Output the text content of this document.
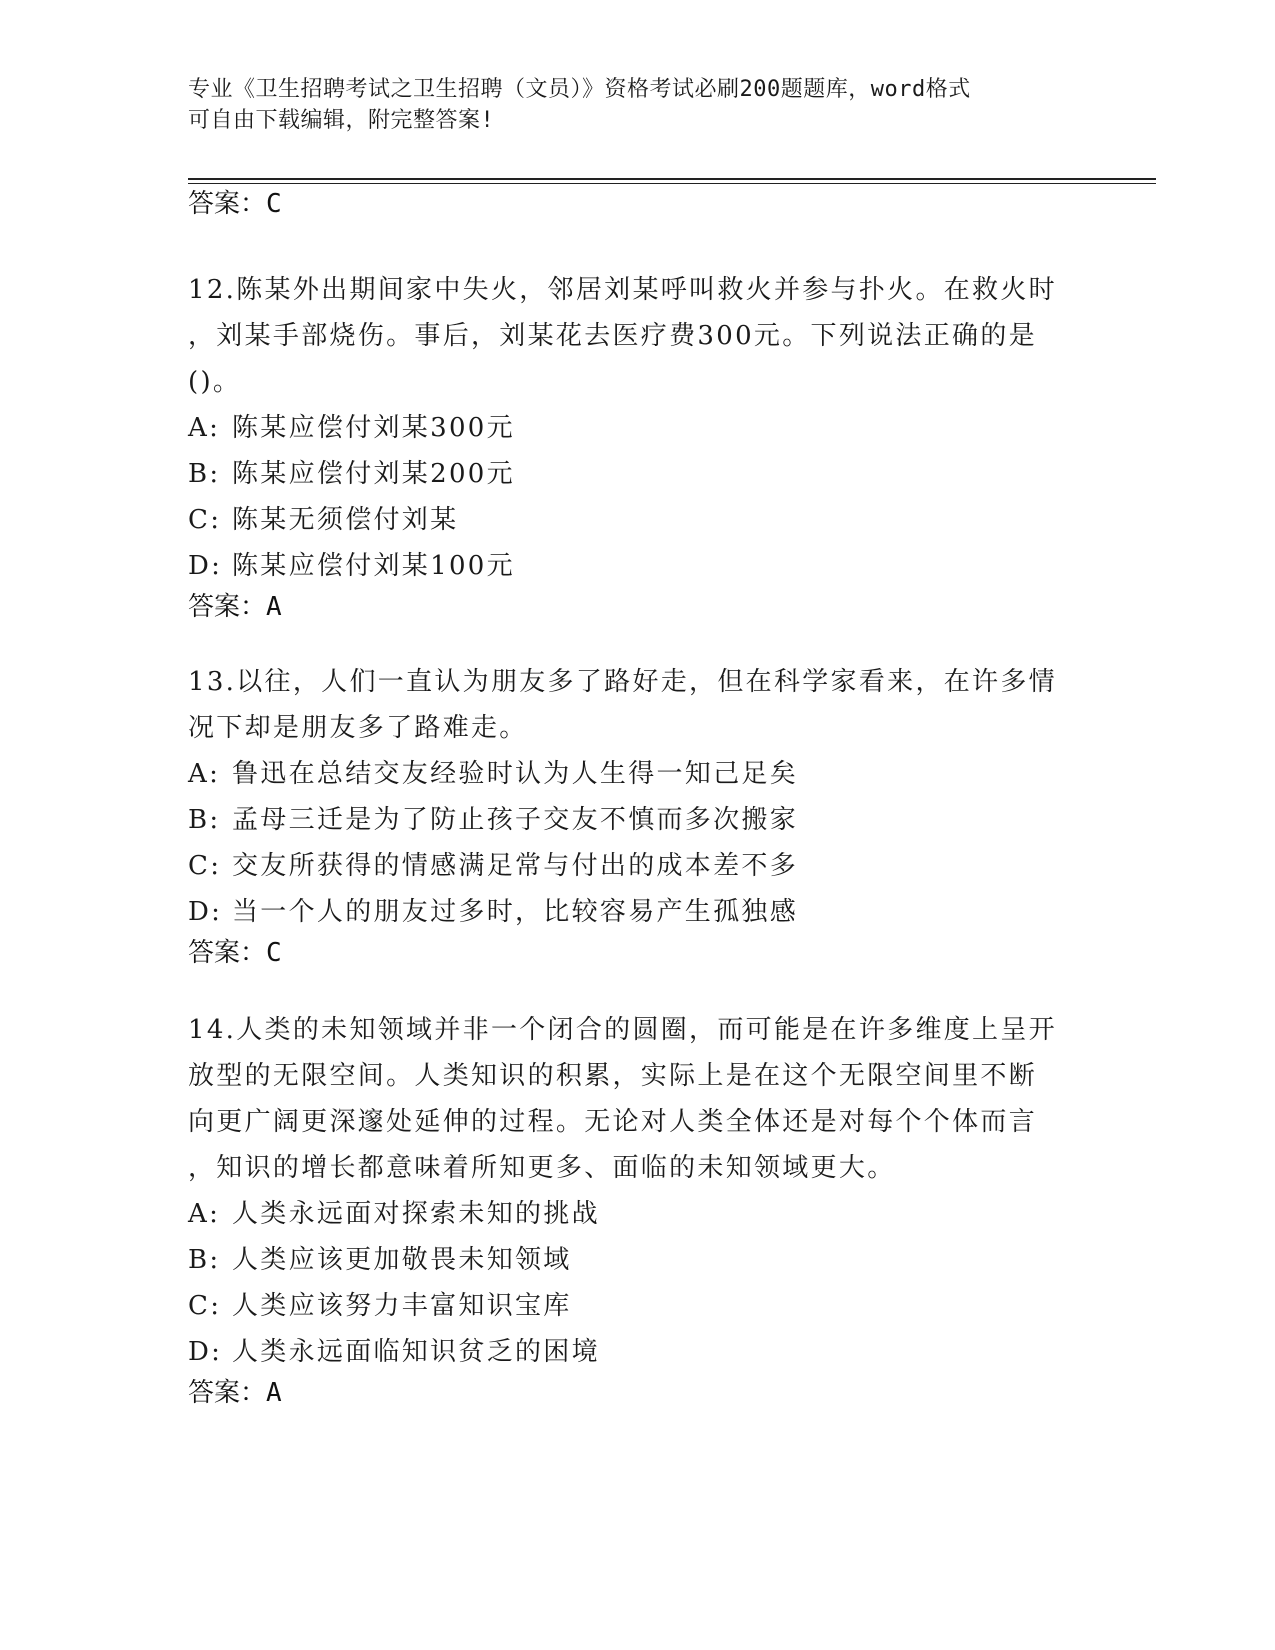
专业《卫生招聘考试之卫生招聘（文员）》资格考试必刷200题题库，word格式
可自由下载编辑，附完整答案!
答案：C
12.陈某外出期间家中失火，邻居刘某呼叫救火并参与扑火。在救火时
，刘某手部烧伤。事后，刘某花去医疗费300元。下列说法正确的是
()。
A: 陈某应偿付刘某300元
B: 陈某应偿付刘某200元
C: 陈某无须偿付刘某
D: 陈某应偿付刘某100元
答案：A
13.以往，人们一直认为朋友多了路好走，但在科学家看来，在许多情
况下却是朋友多了路难走。
A: 鲁迅在总结交友经验时认为人生得一知己足矣
B: 孟母三迁是为了防止孩子交友不慎而多次搬家
C: 交友所获得的情感满足常与付出的成本差不多
D: 当一个人的朋友过多时，比较容易产生孤独感
答案：C
14.人类的未知领域并非一个闭合的圆圈，而可能是在许多维度上呈开
放型的无限空间。人类知识的积累，实际上是在这个无限空间里不断
向更广阔更深邃处延伸的过程。无论对人类全体还是对每个个体而言
，知识的增长都意味着所知更多、面临的未知领域更大。
A: 人类永远面对探索未知的挑战
B: 人类应该更加敬畏未知领域
C: 人类应该努力丰富知识宝库
D: 人类永远面临知识贫乏的困境
答案：A
